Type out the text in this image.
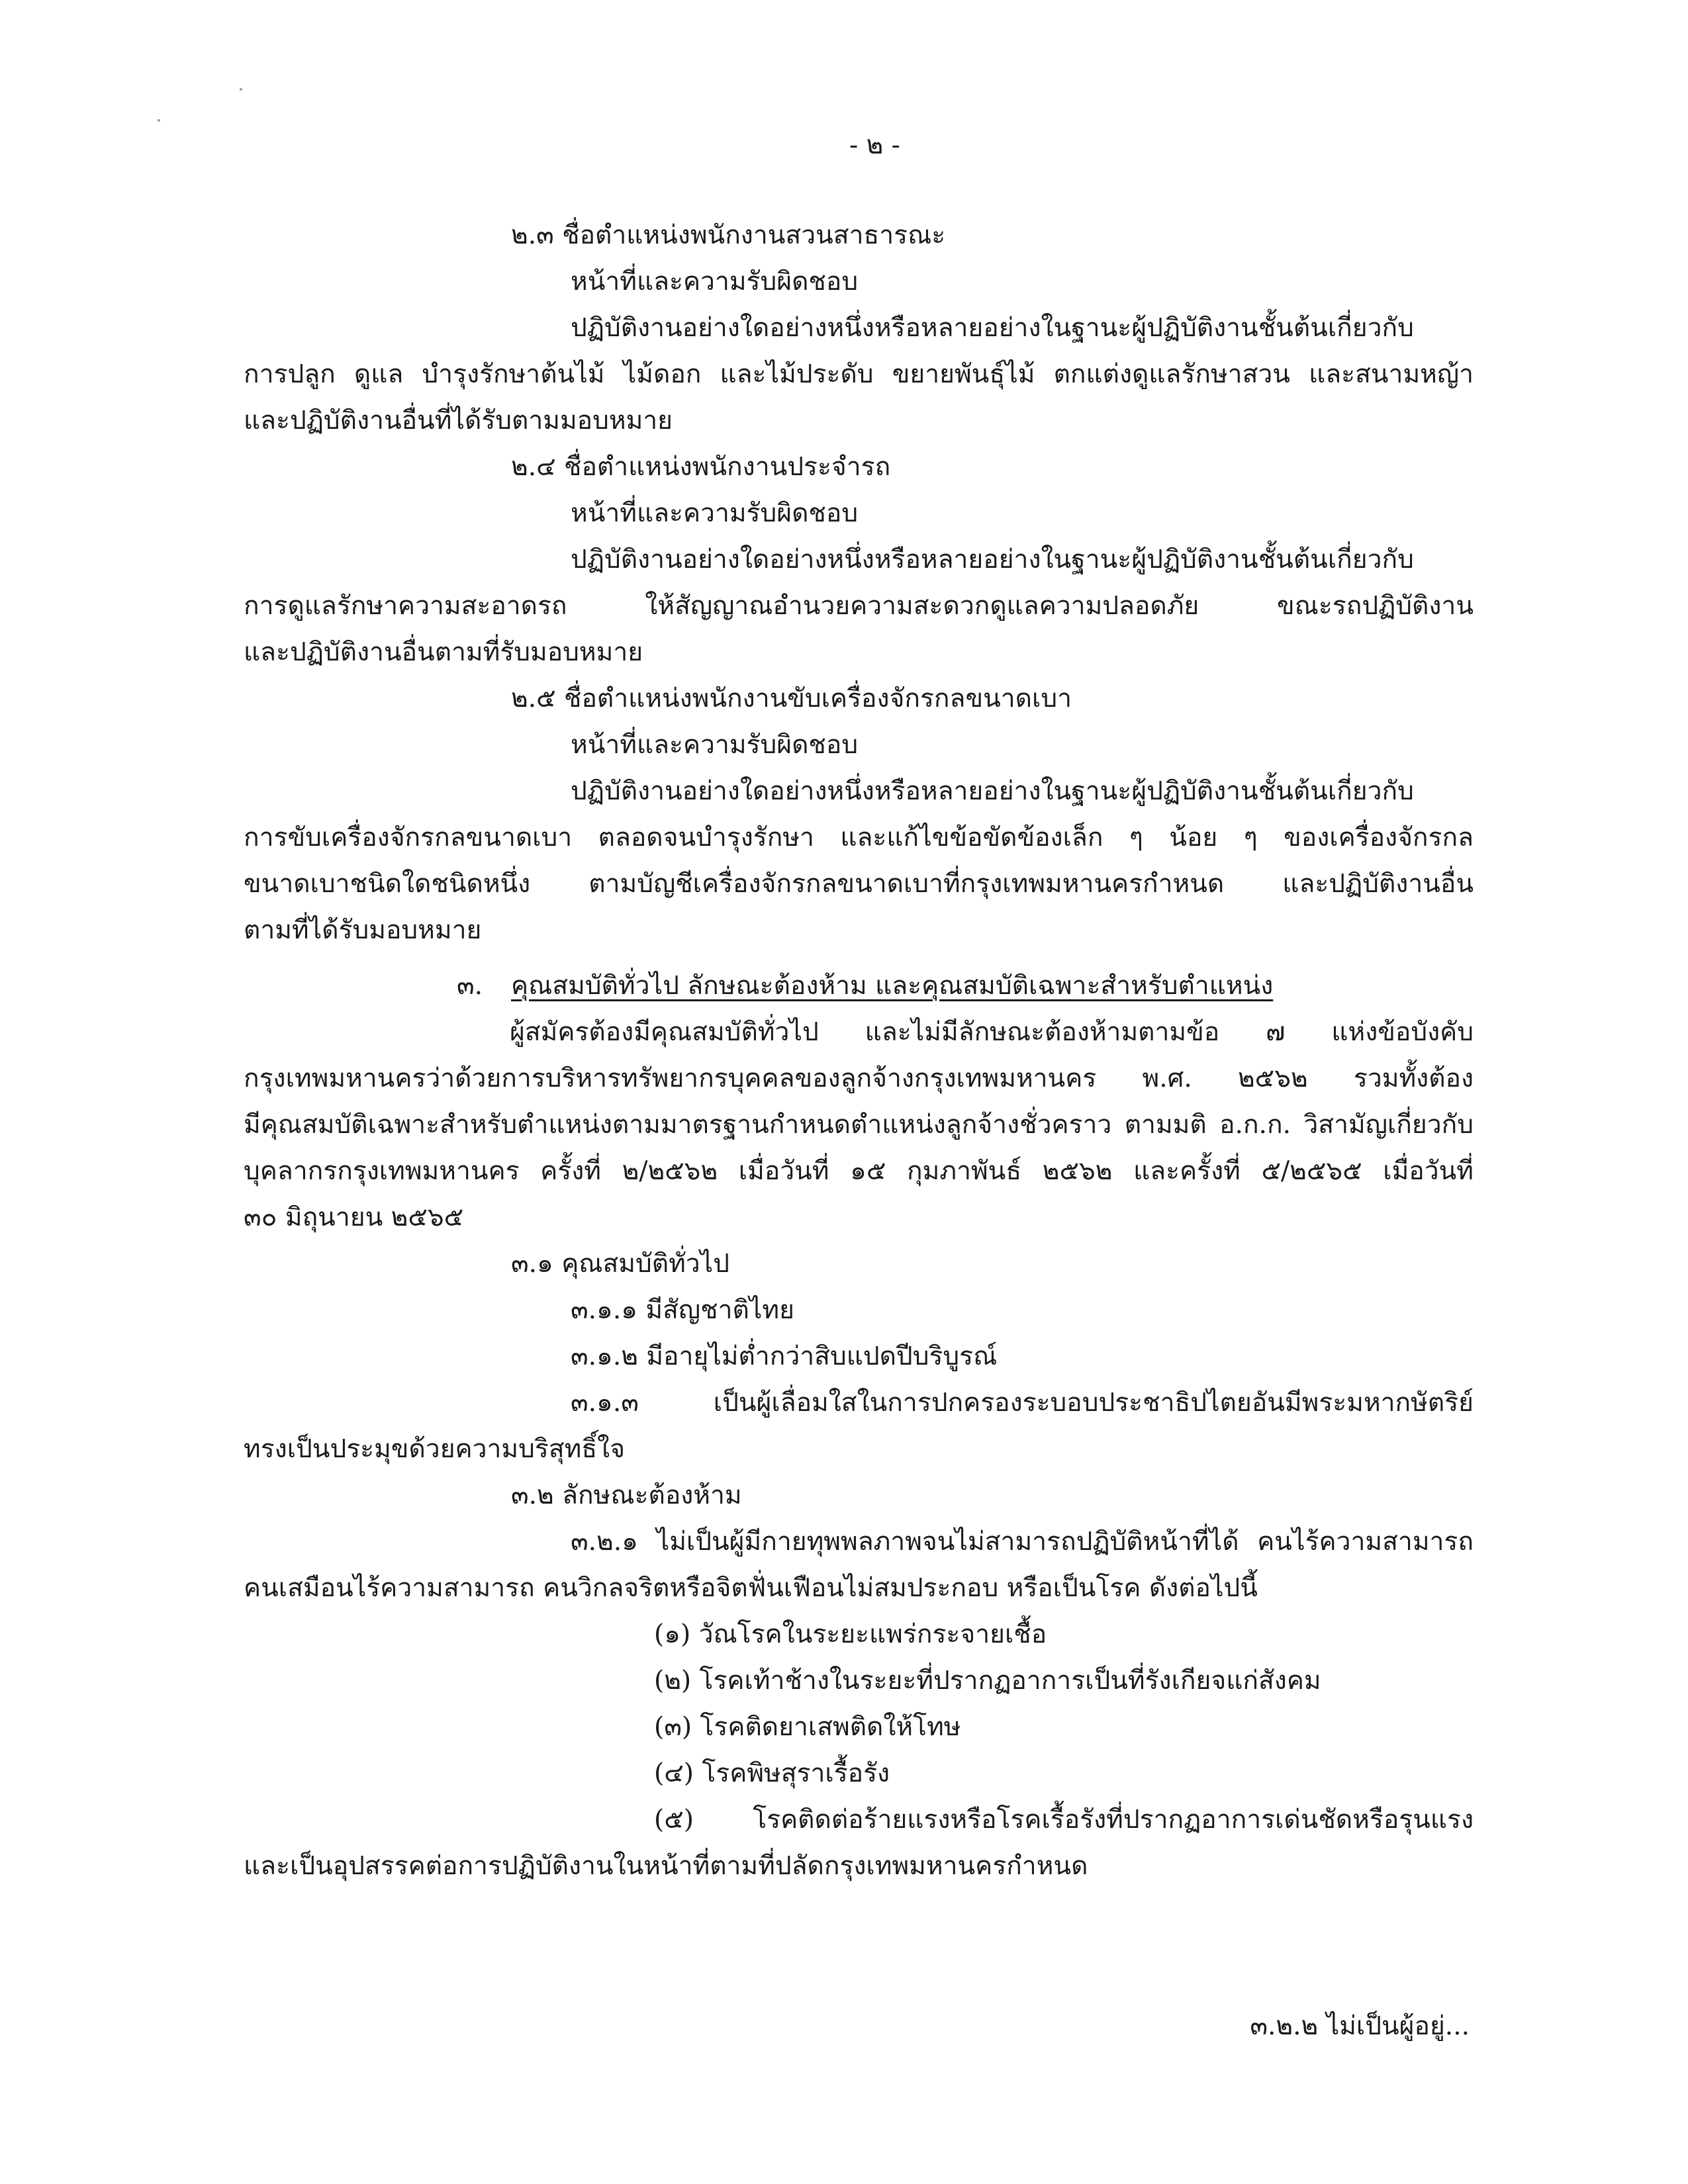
- ๒ -
๒.๓ ชื่อตำแหน่งพนักงานสวนสาธารณะ
หน้าที่และความรับผิดชอบ
ปฏิบัติงานอย่างใดอย่างหนึ่งหรือหลายอย่างในฐานะผู้ปฏิบัติงานชั้นต้นเกี่ยวกับ
การปลูก ดูแล บำรุงรักษาต้นไม้ ไม้ดอก และไม้ประดับ ขยายพันธุ์ไม้ ตกแต่งดูแลรักษาสวน และสนามหญ้า
และปฏิบัติงานอื่นที่ได้รับตามมอบหมาย
๒.๔ ชื่อตำแหน่งพนักงานประจำรถ
หน้าที่และความรับผิดชอบ
ปฏิบัติงานอย่างใดอย่างหนึ่งหรือหลายอย่างในฐานะผู้ปฏิบัติงานชั้นต้นเกี่ยวกับ
การดูแลรักษาความสะอาดรถ ให้สัญญาณอำนวยความสะดวกดูแลความปลอดภัย ขณะรถปฏิบัติงาน
และปฏิบัติงานอื่นตามที่รับมอบหมาย
๒.๕ ชื่อตำแหน่งพนักงานขับเครื่องจักรกลขนาดเบา
หน้าที่และความรับผิดชอบ
ปฏิบัติงานอย่างใดอย่างหนึ่งหรือหลายอย่างในฐานะผู้ปฏิบัติงานชั้นต้นเกี่ยวกับ
การขับเครื่องจักรกลขนาดเบา ตลอดจนบำรุงรักษา และแก้ไขข้อขัดข้องเล็ก ๆ น้อย ๆ ของเครื่องจักรกล
ขนาดเบาชนิดใดชนิดหนึ่ง ตามบัญชีเครื่องจักรกลขนาดเบาที่กรุงเทพมหานครกำหนด และปฏิบัติงานอื่น
ตามที่ได้รับมอบหมาย
๓. คุณสมบัติทั่วไป ลักษณะต้องห้าม และคุณสมบัติเฉพาะสำหรับตำแหน่ง
ผู้สมัครต้องมีคุณสมบัติทั่วไป และไม่มีลักษณะต้องห้ามตามข้อ ๗ แห่งข้อบังคับ
กรุงเทพมหานครว่าด้วยการบริหารทรัพยากรบุคคลของลูกจ้างกรุงเทพมหานคร พ.ศ. ๒๕๖๒ รวมทั้งต้อง
มีคุณสมบัติเฉพาะสำหรับตำแหน่งตามมาตรฐานกำหนดตำแหน่งลูกจ้างชั่วคราว ตามมติ อ.ก.ก. วิสามัญเกี่ยวกับ
บุคลากรกรุงเทพมหานคร ครั้งที่ ๒/๒๕๖๒ เมื่อวันที่ ๑๕ กุมภาพันธ์ ๒๕๖๒ และครั้งที่ ๕/๒๕๖๕ เมื่อวันที่
๓๐ มิถุนายน ๒๕๖๕
๓.๑ คุณสมบัติทั่วไป
๓.๑.๑ มีสัญชาติไทย
๓.๑.๒ มีอายุไม่ต่ำกว่าสิบแปดปีบริบูรณ์
๓.๑.๓ เป็นผู้เลื่อมใสในการปกครองระบอบประชาธิปไตยอันมีพระมหากษัตริย์
ทรงเป็นประมุขด้วยความบริสุทธิ์ใจ
๓.๒ ลักษณะต้องห้าม
๓.๒.๑ ไม่เป็นผู้มีกายทุพพลภาพจนไม่สามารถปฏิบัติหน้าที่ได้ คนไร้ความสามารถ
คนเสมือนไร้ความสามารถ คนวิกลจริตหรือจิตฟั่นเฟือนไม่สมประกอบ หรือเป็นโรค ดังต่อไปนี้
(๑) วัณโรคในระยะแพร่กระจายเชื้อ
(๒) โรคเท้าช้างในระยะที่ปรากฏอาการเป็นที่รังเกียจแก่สังคม
(๓) โรคติดยาเสพติดให้โทษ
(๔) โรคพิษสุราเรื้อรัง
(๕) โรคติดต่อร้ายแรงหรือโรคเรื้อรังที่ปรากฏอาการเด่นชัดหรือรุนแรง
และเป็นอุปสรรคต่อการปฏิบัติงานในหน้าที่ตามที่ปลัดกรุงเทพมหานครกำหนด
๓.๒.๒ ไม่เป็นผู้อยู่...
